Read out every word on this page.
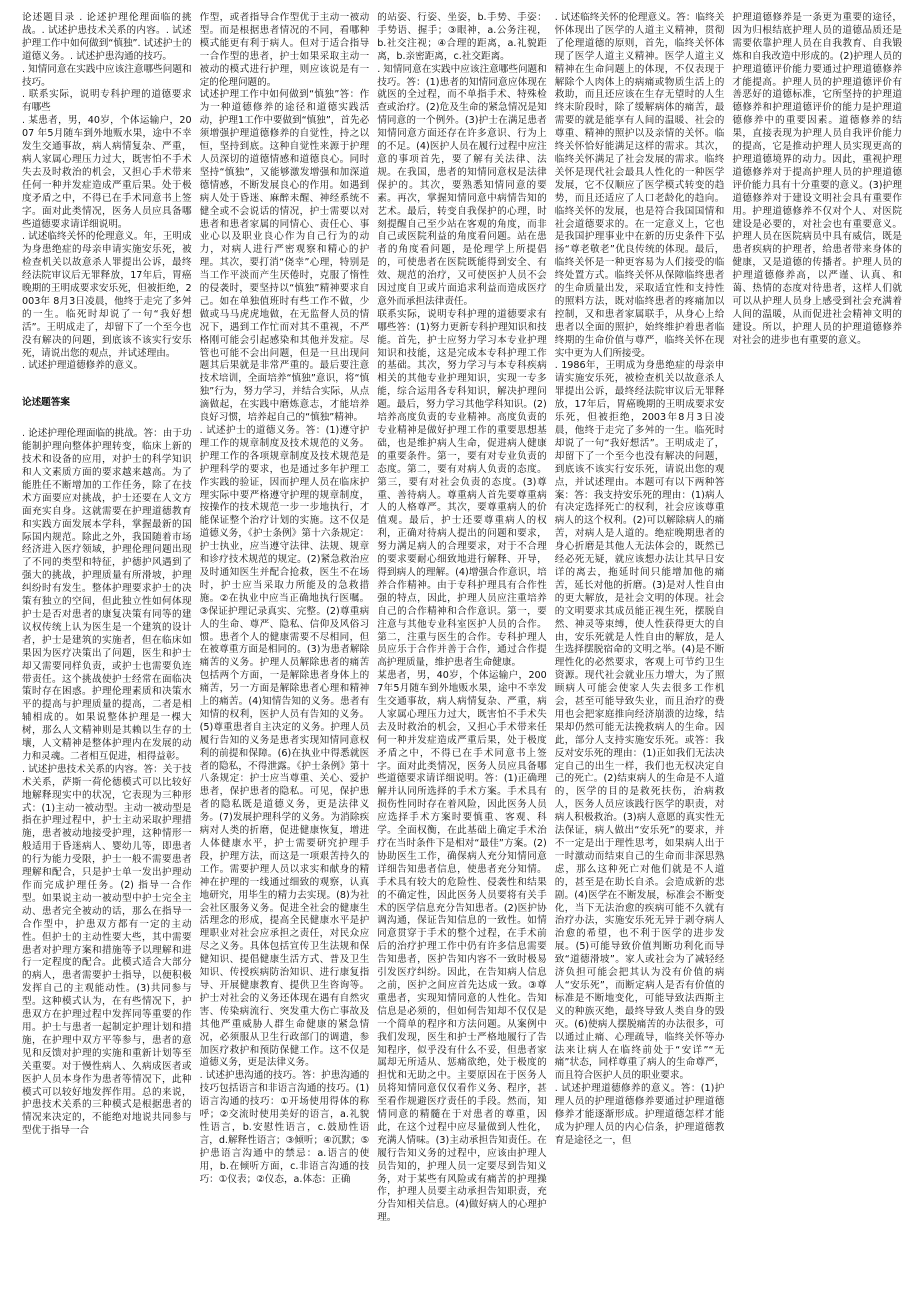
论述题目录 . 论述护理伦理面临的挑战。. 试述护患技术关系的内容。. 试述护理工作中如何做到“慎独”. 试述护士的道德义务。. 试述护患沟通的技巧。

. 知情同意在实践中应该注意哪些问题和技巧。

. 联系实际，说明专科护理的道德要求 有哪些

. 某患者，男，40岁，个体运输户，2007 年5月随车到外地贩水果，途中不幸发生交通事故，病人病情复杂、严重，病人家属心理压力过大，既害怕不手术失去及时救治的机会，又担心手术带来任何一种并发症造成严重后果。处于极度矛盾之中，不得已在手术同意书上签字。面对此类情况，医务人员应具备哪些道德要求请详细说明。

. 试述临终关怀的伦理意义。年，王明成为身患绝症的母亲申请实施安乐死，被检查机关以故意杀人罪提出公诉，最终经法院审议后无罪释放，17年后，胃癌晚期的王明成要求安乐死，但被拒绝，2003年 8月3日凌晨，他终于走完了多舛的一生。临死时却说了一句“我好想活”。王明成走了，却留下了一个至今也没有解决的问题，到底该不该实行安乐死，请说出您的观点，并试述理由。

. 试述护理道德修养的意义。

论述题答案

. 论述护理伦理面临的挑战。答：由于功能制护理向整体护理转变，临床上新的技术和设备的应用，对护士的科学知识和人文素质方面的要求越来越高。为了能胜任不断增加的工作任务，除了在技术方面要应对挑战，护士还要在人文方面充实自身。这就需要在护理道德教育和实践方面发展本学科，掌握最新的国际国内规范。除此之外，我国随着市场经济进入医疗领域，护理伦理问题出现了不同的类型和特征，护德护风遇到了强大的挑战，护理质量有所滑坡，护理纠纷时有发生。整体护理要求护士的决策有独立的空间，但此独立性如何体现护士是否对患者的康复决策有同等的建议权传统上认为医生是一个建筑的设计者，护士是建筑的实施者，但在临床如果因为医疗决策出了问题，医生和护士却又需要同样负责，或护士也需要负连带责任。这个挑战使护士经常在面临决策时存在困惑。护理伦理素质和决策水平的提高与护理质量的提高，二者是相辅相成的。如果说整体护理是一棵大树，那么人文精神则是其赖以生存的土壤，人文精神是整体护理内在发展的动力和灵魂。二者相互促进，相得益彰。

. 试述护患技术关系的内容。答：关于技术关系，萨斯一荷伦德模式可以比较好地解释现实中的状况，它表现为三种形式：(1)主动一被动型。主动一被动型是指在护理过程中，护士主动采取护理措施，患者被动地接受护理，这种情形一般适用于昏迷病人、婴幼儿等，即患者的行为能力受限，护士一般不需要患者理解和配合，只是护士单一发出护理动作而完成护理任务。(2) 指导一合作型。如果说主动一被动型中护士完全主动、患者完全被动的话，那么在指导一合作型中，护患双方都有一定的主动性。但护士的主动性要大些，其中需要患者对护理方案和措施等予以理解和进行一定程度的配合。此模式适合大部分的病人，患者需要护士指导，以便积极发挥自己的主观能动性。(3)共同参与型。这种模式认为，在有些情况下，护患双方在护理过程中发挥同等重要的作用。护士与患者一起制定护理计划和措施，在护理中双方平等参与，患者的意见和反馈对护理的实施和重新计划等至关重要。对于慢性病人、久病成医者或医护人员本身作为患者等情况下，此种模式可以较好地发挥作用。总的来说，护患技术关系的三种模式是根据患者的情况来决定的，不能绝对地说共同参与型优于指导一合

作型，或者指导合作型优于主动一被动型。而是根据患者情况的不同，看哪种模式能更有利于病人。但对于适合指导一合作型的患者，护士如果采取主动一被动的模式进行护理，则应该说是有一定的伦理问题的。

试述护理工作中如何做到“慎独”答：作为一种道德修养的途径和道德实践活动，护理1工作中要做到“慎独”，首先必须增强护理道德修养的自觉性，持之以恒，坚持到底。这种自觉性来源于护理人员深切的道德情感和道德良心。同时坚持“慎独”，又能够激发增强和加深道德情感，不断发展良心的作用。如遇到病人处于昏迷、麻醉未醒、神经系统不健全或不会说话的情况，护士需要以对患者和患者家属的同情心、责任心、事业心以及职业良心作为自己行为的动力，对病人进行严密观察和精心的护理。其次，要打消“侥幸”心理，特别是当工作平淡而产生厌倦时，克服了惰性的侵袭时，要坚持以“慎独”精神要求自己。如在单独值班时有些工作不做，少做或马马虎虎地做，在无监督人员的情况下，遇到工作忙而对其不重视，不严格刚可能会引起感染和其他并发症。尽管也可能不会出问题，但是一旦出现问题其后果就是非常严重的。最后要注意技术培训，全面培养“慎独”意识，将“慎独”行为，努力学习，并结合实际，从点滴做起，在实践中磨炼意志，才能培养良好习惯，培养起自己的“慎独”精神。

. 试述护士的道德义务。答：(1)遵守护理工作的规章制度及技术规范的义务。护理工作的各项规章制度及技术规范是护理科学的要求，也是通过多年护理工作实践的验证，因而护理人员在临床护理实际中要严格遵守护理的规章制度，按操作的技术规范一步一步地执行，才能保证整个治疗计划的实施。这不仅是道德义务，《护士条例》第十六条规定：护士执业，应当遵守法律、法规、规章和诊疗技术规范的规定。(2)紧急救治应及时通知医生并配合抢救，医生不在场时，护士应当采取力所能及的急救措施。②在执业中应当正确地执行医嘱。③保证护理记录真实、完整。(2)尊重病人的生命、尊严、隐私、信仰及风俗习惯。患者个人的健康需要不尽相同，但在被尊重方面是相同的。(3)为患者解除痛苦的义务。护理人员解除患者的痛苦包括两个方面，一是解除患者身体上的痛苦，另一方面是解除患者心理和精神上的痛苦。(4)知情告知的义务。患者有知情的权利，医护人员有告知的义务。(5)尊重患者自主决定的义务。护理人员履行告知的义务是患者实现知情同意权利的前提和保障。(6)在执业中得悉就医者的隐私，不得泄露。《护士条例》第十八条规定：护士应当尊重、关心、爱护患者，保护患者的隐私。可见，保护患者的隐私既是道德义务，更是法律义务。(7)发展护理科学的义务。为消除疾病对人类的折磨，促进健康恢复，增进人体健康水平，护士需要研究护理手段，护理方法，而这是一项艰苦持久的工作。需要护理人员以求实和献身的精神在护理的一线通过细致的观察，认真地研究，用毕生的精力去实现。(8)为社会社区服务义务。促进全社会的健康生活理念的形成，提高全民健康水平是护理职业对社会应承担之责任，对民众应尽之义务。具体包括宣传卫生法规和保健知识、提倡健康生活方式、普及卫生知识、传授疾病防治知识、进行康复指导、开展健康教育、提供卫生咨询等。护士对社会的义务还体现在遇有自然灾害、传染病流行、突发重大伤亡事故及其他严重威胁人群生命健康的紧急情况，必须服从卫生行政部门的调遣，参加医疗救护和预防保健工作。这不仅是道德义务，更是法律义务。

. 试述护患沟通的技巧。答：护患沟通的技巧包括语言和非语言沟通的技巧。(1)语言沟通的技巧：①开场使用得体的称呼；②交流时使用美好的语言，a.礼貌性语言，b.安慰性语言，c.鼓励性语言，d.解释性语言；③倾听；④沉默；⑤护患语言沟通中的禁忌：a.语言的使用，b.在倾听方面，c.非语言沟通的技巧：①仪表；②仪态，a.体态：正确

的站姿、行姿、坐姿，b.手势、手姿：手势语、握手；③眼神，a.公务注视，b.社交注视；④合理的距离，a.礼貌距离，b.亲密距离，c.社交距离。

. 知情同意在实践中应该注意哪些问题和技巧。答：(1)患者的知情同意应体现在就医的全过程，而不单指手术、特殊检查或治疗。(2)危及生命的紧急情况是知情同意的一个例外。(3)护士在满足患者知情同意方面还存在许多意识、行为上的不足。(4)医护人员在履行过程中应注意的事项首先，要了解有关法律、法规。在我国，患者的知情同意权是法律保护的。其次，要熟悉知情同意的要素。再次，掌握知情同意中病情告知的艺术。最后，转变自我保护的心理，时刻提醒自己至少站在客观的角度，而非自己或医院利益的角度看问题。站在患者的角度看问题，是伦理学上所提倡的，可使患者在医院既能得到安全、有效、规范的治疗，又可使医护人员不会因过度自卫或片面追求利益而造成医疗意外而承担法律责任。

联系实际，说明专科护理的道德要求有哪些答：(1)努力更新专科护理知识和技能。首先，护士应努力学习本专业护理知识和技能，这是完成本专科护理工作的基础。其次，努力学习与本专科疾病相关的其他专业护理知识，实现一专多能，综合运用各专科知识，解决护理问题。最后，努力学习其他学科知识。(2)培养高度负责的专业精神。高度负责的专业精神是做好护理工作的重要思想基础，也是维护病人生命，促进病人健康的重要条件。第一，要有对专业负责的态度。第二，要有对病人负责的态度。第三，要有对社会负责的态度。(3)尊重、善待病人。尊重病人首先要尊重病人的人格尊严。其次，要尊重病人的价值观。最后，护士还要尊重病人的权利，正确对待病人提出的问题和要求，努力满足病人的合理要求，对于不合理的要求要耐心细致地进行解释、开导，得到病人的理解。(4)增强合作意识，培养合作精神。由于专科护理具有合作性强的特点，因此，护理人员应注重培养自己的合作精神和合作意识。第一，要注意与其他专业科室医护人员的合作。第二，注重与医生的合作。专科护理人员应乐于合作并善于合作，通过合作提高护理质量，维护患者生命健康。

某患者，男，40岁，个体运输户，2007年5月随车到外地贩水果，途中不幸发生交通事故，病人病情复杂、严重，病人家属心理压力过大，既害怕不手术失去及时救治的机会，又担心手术带来任何一种并发症造成严重后果，处于极度矛盾之中，不得已在手术同意书上签字。面对此类情况，医务人员应具备哪些道德要求请详细说明。答：(1)正确理解并认同所选择的手术方案。手术具有损伤性同时存在着风险，因此医务人员应选择手术方案时要慎重、客观、科学。全面权衡，在此基础上确定手术治疗在当时条件下是相对“最佳”方案。(2)协助医生工作，确保病人充分知情同意详细告知患者信息，使患者充分知情。手术具有较大的危险性、侵袭性和结果的不确定性，因此医务人员要将有关手术的医学信息充分告知患者。(2)医护协调沟通，保证告知信息的一致性。如情同意贯穿于手术的整个过程，在手术前后的治疗护理工作中仍有许多信息需要告知患者，医护告知内容不一致时极易引发医疗纠纷。因此，在告知病人信息之前，医护之间应首先达成一致。③尊重患者，实现知情同意的人性化。告知信息是必须的，但如何告知却不仅仅是一个简单的程序和方法问题。从案例中我们发现，医生和护士严格地履行了告知程序，似乎没有什么不妥，但患者家属却无所适从、惩痛欲绝，处于极度的担忧和无助之中。主要原因在于医务人员将知情同意仅仅看作义务、程序，甚至看作规避医疗责任的手段。然而，知情同意的精髓在于对患者的尊重，因此，在这个过程中应尽量做到人性化，充满人情味。(3)主动承担告知责任。在履行告知义务的过程中，应该由护理人员告知的，护理人员一定要尽到告知义务，对于某些有风险或有痛苦的护理操作，护理人员要主动承担告知职责，充分告知相关信息。(4)做好病人的心理护理。

. 试述临终关怀的伦理意义。答：临终关怀体现出了医学的人道主义精神，贯彻了伦理道德的原则，首先，临终关怀体现了医学人道主义精神。医学人道主义精神在生命问题上的体现，不仅表现于解除个人肉体上的病痛或物质生活上的救助，而且还应该在生存无望时的人生终末阶段时，除了缓解病体的痛苦，最需要的就是能享有人间的温暖、社会的尊重、精神的照护以及亲情的关怀。临终关怀恰好能满足这样的需求。其次，临终关怀满足了社会发展的需求。临终关怀是现代社会最具人性化的一种医学发展，它不仅顺应了医学模式转变的趋势，而且还适应了人口老龄化的趋向。临终关怀的发展，也是符合我国国情和社会道德要求的。在一定意义上，它也是我国护理事业中在新的历史条件下弘扬“尊老敬老”优良传统的体现。最后，临终关怀是一种更容易为人们接受的临终处置方式。临终关怀从保障临终患者的生命质量出发，采取适宜性和支持性的照料方法，既对临终患者的疼痛加以控制，又和患者家属联手，从身心上给患者以全面的照护，始终维护着患者临终期的生命价值与尊严，临终关怀在现实中更为人们所接受。

. 1986年，王明成为身患绝症的母亲申请实施安乐死，被检查机关以故意杀人罪提出公诉，最终经法院审议后无罪释放，17年后，胃癌晚期的王明成要求安乐死，但被拒绝，2003年8月3日凌晨，他终于走完了多舛的一生。临死时却说了一句“我好想活”。王明成走了，却留下了一个至今也没有解决的问题，到底该不该实行安乐死，请说出您的观点，并试述理由。本题可有以下两种答案：答：我支持安乐死的理由：(1)病人有决定选择死亡的权利，社会应该尊重病人的这个权利。(2)可以解除病人的痛苦，对病人是人道的。绝症晚期患者的身心折磨是其他人无法体会的，既然已经必死无疑，就应该想办法让其早日安详的离去，拖延时间只能增加他的痛苦，延长对他的折磨。(3)是对人性自由的更大解放，是社会文明的体现。社会的文明要求其成员能正视生死，摆脱自然、神灵等束缚，使人性获得更大的自由，安乐死就是人性自由的解放，是人生选择摆脱宿命的文明之举。(4)是不断理性化的必然要求，客观上可节约卫生资源。现代社会就业压力增大，为了照顾病人可能会使家人失去很多工作机会，甚至可能导致失业，而且治疗的费用也会把家庭推向经济崩溃的边缘，结果却仍然可能无法挽救病人的生命。因此，部分人支持实施安乐死。或答：我反对安乐死的理由：(1)正如我们无法决定自己的出生一样，我们也无权决定自己的死亡。(2)结束病人的生命是不人道的，医学的目的是救死扶伤，治病救人，医务人员应该践行医学的职责，对病人积极救治。(3)病人意愿的真实性无法保证，病人做出“安乐死”的要求，并不一定是出于理性思考，如果病人出于一时激动而结束自己的生命而非深思熟虑，那么这种死亡对他们就是不人道的，甚至是在助长自杀。会造成新的悲剧。(4)医学在不断发展，标准会不断变化，当下无法治愈的疾病可能不久就有治疗办法，实施安乐死无异于剥夺病人治愈的希望，也不利于医学的进步发展。(5)可能导致价值判断功利化而导致“道德滑坡”。家人或社会为了减轻经济负担可能会把其认为没有价值的病人“安乐死”，而断定病人是否有价值的标准是不断地变化，可能导致法西斯主义的种族灭绝，最终导致人类自身的毁灭。(6)使病人摆脱痛苦的办法很多，可以通过止痛、心理疏导，临终关怀等办法来让病人在临终前处于“安详”“无痛”状态，同样尊重了病人的生命尊严，而且符合医护人员的职业要求。

. 试述护理道德修养的意义。答：(1)护理人员的护理道德修养要通过护理道德修养才能逐渐形成。护理道德怎样才能成为护理人员的内心信条，护理道德教育是途径之一，但

护理道德修养是一条更为重要的途径，因为归根结底护理人员的道德品质还是需要依靠护理人员在自我教育、自我锻炼和自我改造中形成的。(2)护理人员的护理道德评价能力要通过护理道德修养才能提高。护理人员的护理道德评价有善恶好的道德标准，它所坚持的护理道德修养和护理道德评价的能力是护理道德修养中的重要因素。道德修养的结果，直接表现为护理人员自我评价能力的提高，它是推动护理人员实现更高的护理道德境界的动力。因此，重视护理道德修养对于提高护理人员的护理道德评价能力具有十分重要的意义。(3)护理道德修养对于建设文明社会具有重要作用。护理道德修养不仅对个人、对医院建设是必要的，对社会也有重要意义。护理人员在医院病员中具有威信，既是患者疾病的护理者，给患者带来身体的健康，又是道德的传播者。护理人员的护理道德修养高，以严谨、认真、和蔼、热情的态度对待患者，这样人们就可以从护理人员身上感受到社会充满着人间的温暖，从而促进社会精神文明的建设。所以，护理人员的护理道德修养对社会的进步也有重要的意义。
